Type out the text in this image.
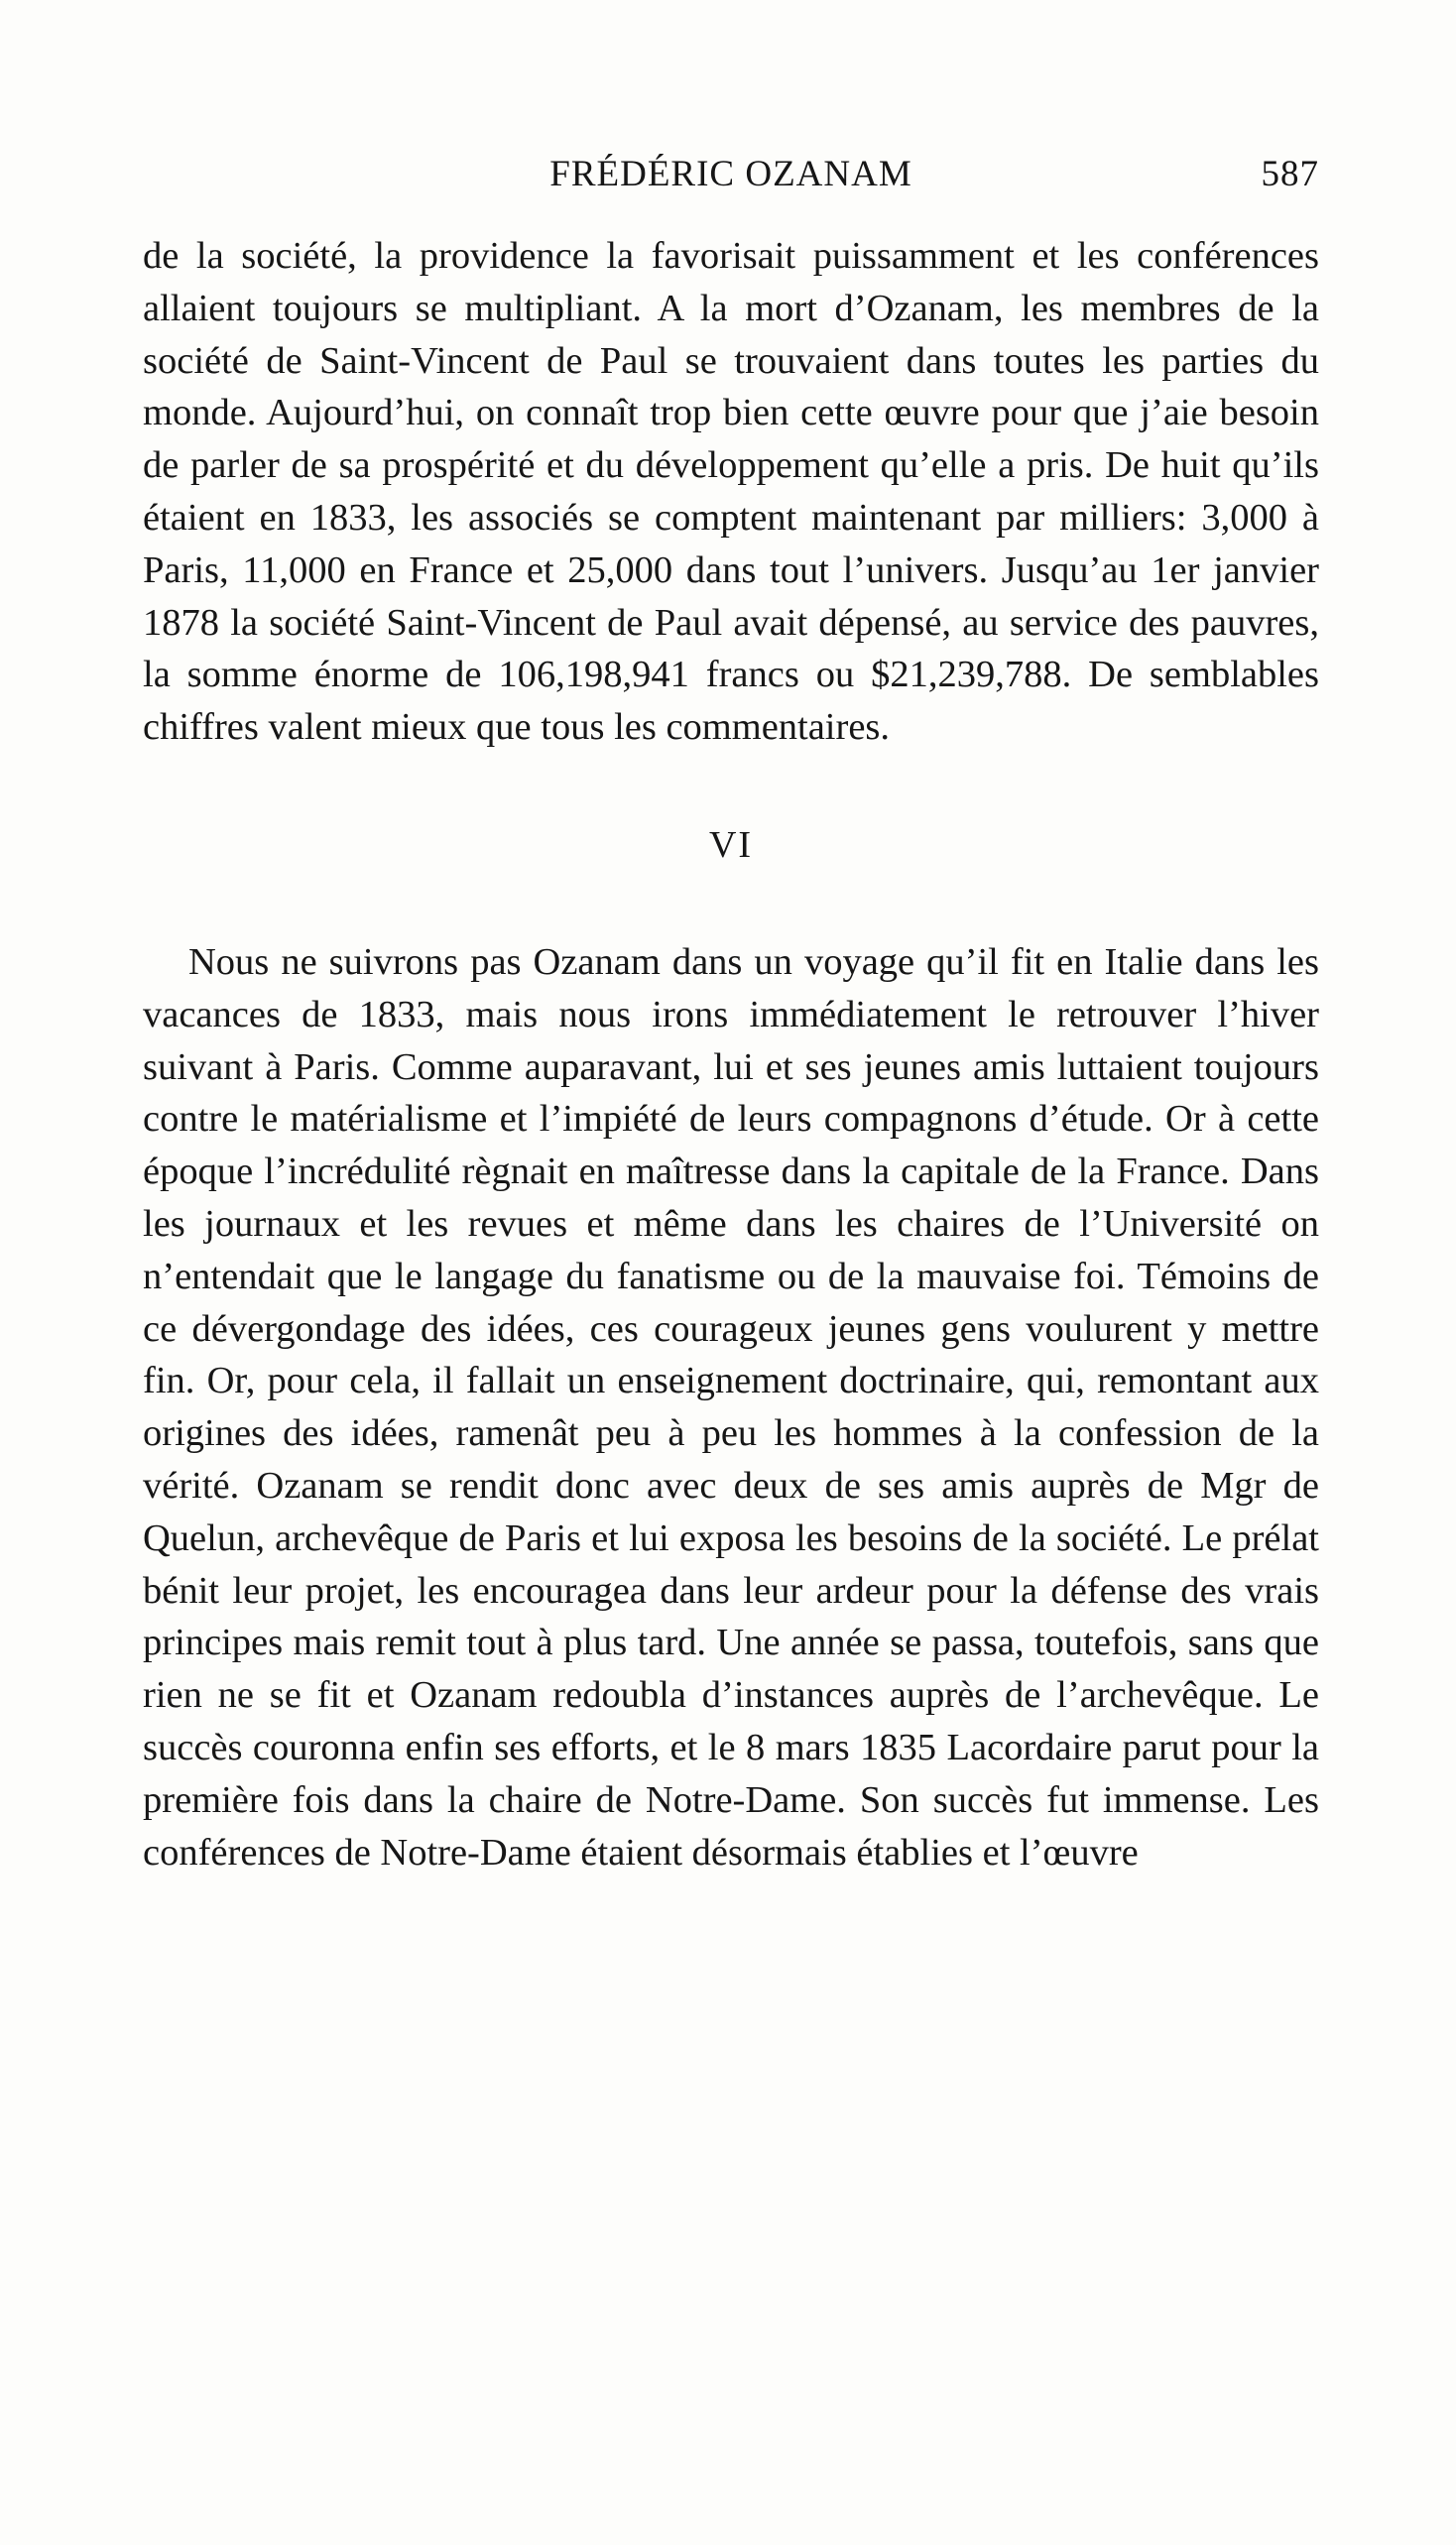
FRÉDÉRIC OZANAM	587

de la société, la providence la favorisait puissamment et les conférences allaient toujours se multipliant. A la mort d’Ozanam, les membres de la société de Saint-Vincent de Paul se trouvaient dans toutes les parties du monde. Aujourd’hui, on connaît trop bien cette œuvre pour que j’aie besoin de parler de sa prospérité et du développement qu’elle a pris. De huit qu’ils étaient en 1833, les associés se comptent maintenant par milliers: 3,000 à Paris, 11,000 en France et 25,000 dans tout l’univers. Jusqu’au 1er janvier 1878 la société Saint-Vincent de Paul avait dépensé, au service des pauvres, la somme énorme de 106,198,941 francs ou $21,239,788. De semblables chiffres valent mieux que tous les commentaires.

VI

Nous ne suivrons pas Ozanam dans un voyage qu’il fit en Italie dans les vacances de 1833, mais nous irons immédiatement le retrouver l’hiver suivant à Paris. Comme auparavant, lui et ses jeunes amis luttaient toujours contre le matérialisme et l’impiété de leurs compagnons d’étude. Or à cette époque l’incrédulité règnait en maîtresse dans la capitale de la France. Dans les journaux et les revues et même dans les chaires de l’Université on n’entendait que le langage du fanatisme ou de la mauvaise foi. Témoins de ce dévergondage des idées, ces courageux jeunes gens voulurent y mettre fin. Or, pour cela, il fallait un enseignement doctrinaire, qui, remontant aux origines des idées, ramenât peu à peu les hommes à la confession de la vérité. Ozanam se rendit donc avec deux de ses amis auprès de Mgr de Quelun, archevêque de Paris et lui exposa les besoins de la société. Le prélat bénit leur projet, les encouragea dans leur ardeur pour la défense des vrais principes mais remit tout à plus tard. Une année se passa, toutefois, sans que rien ne se fit et Ozanam redoubla d’instances auprès de l’archevêque. Le succès couronna enfin ses efforts, et le 8 mars 1835 Lacordaire parut pour la première fois dans la chaire de Notre-Dame. Son succès fut immense. Les conférences de Notre-Dame étaient désormais établies et l’œuvre
